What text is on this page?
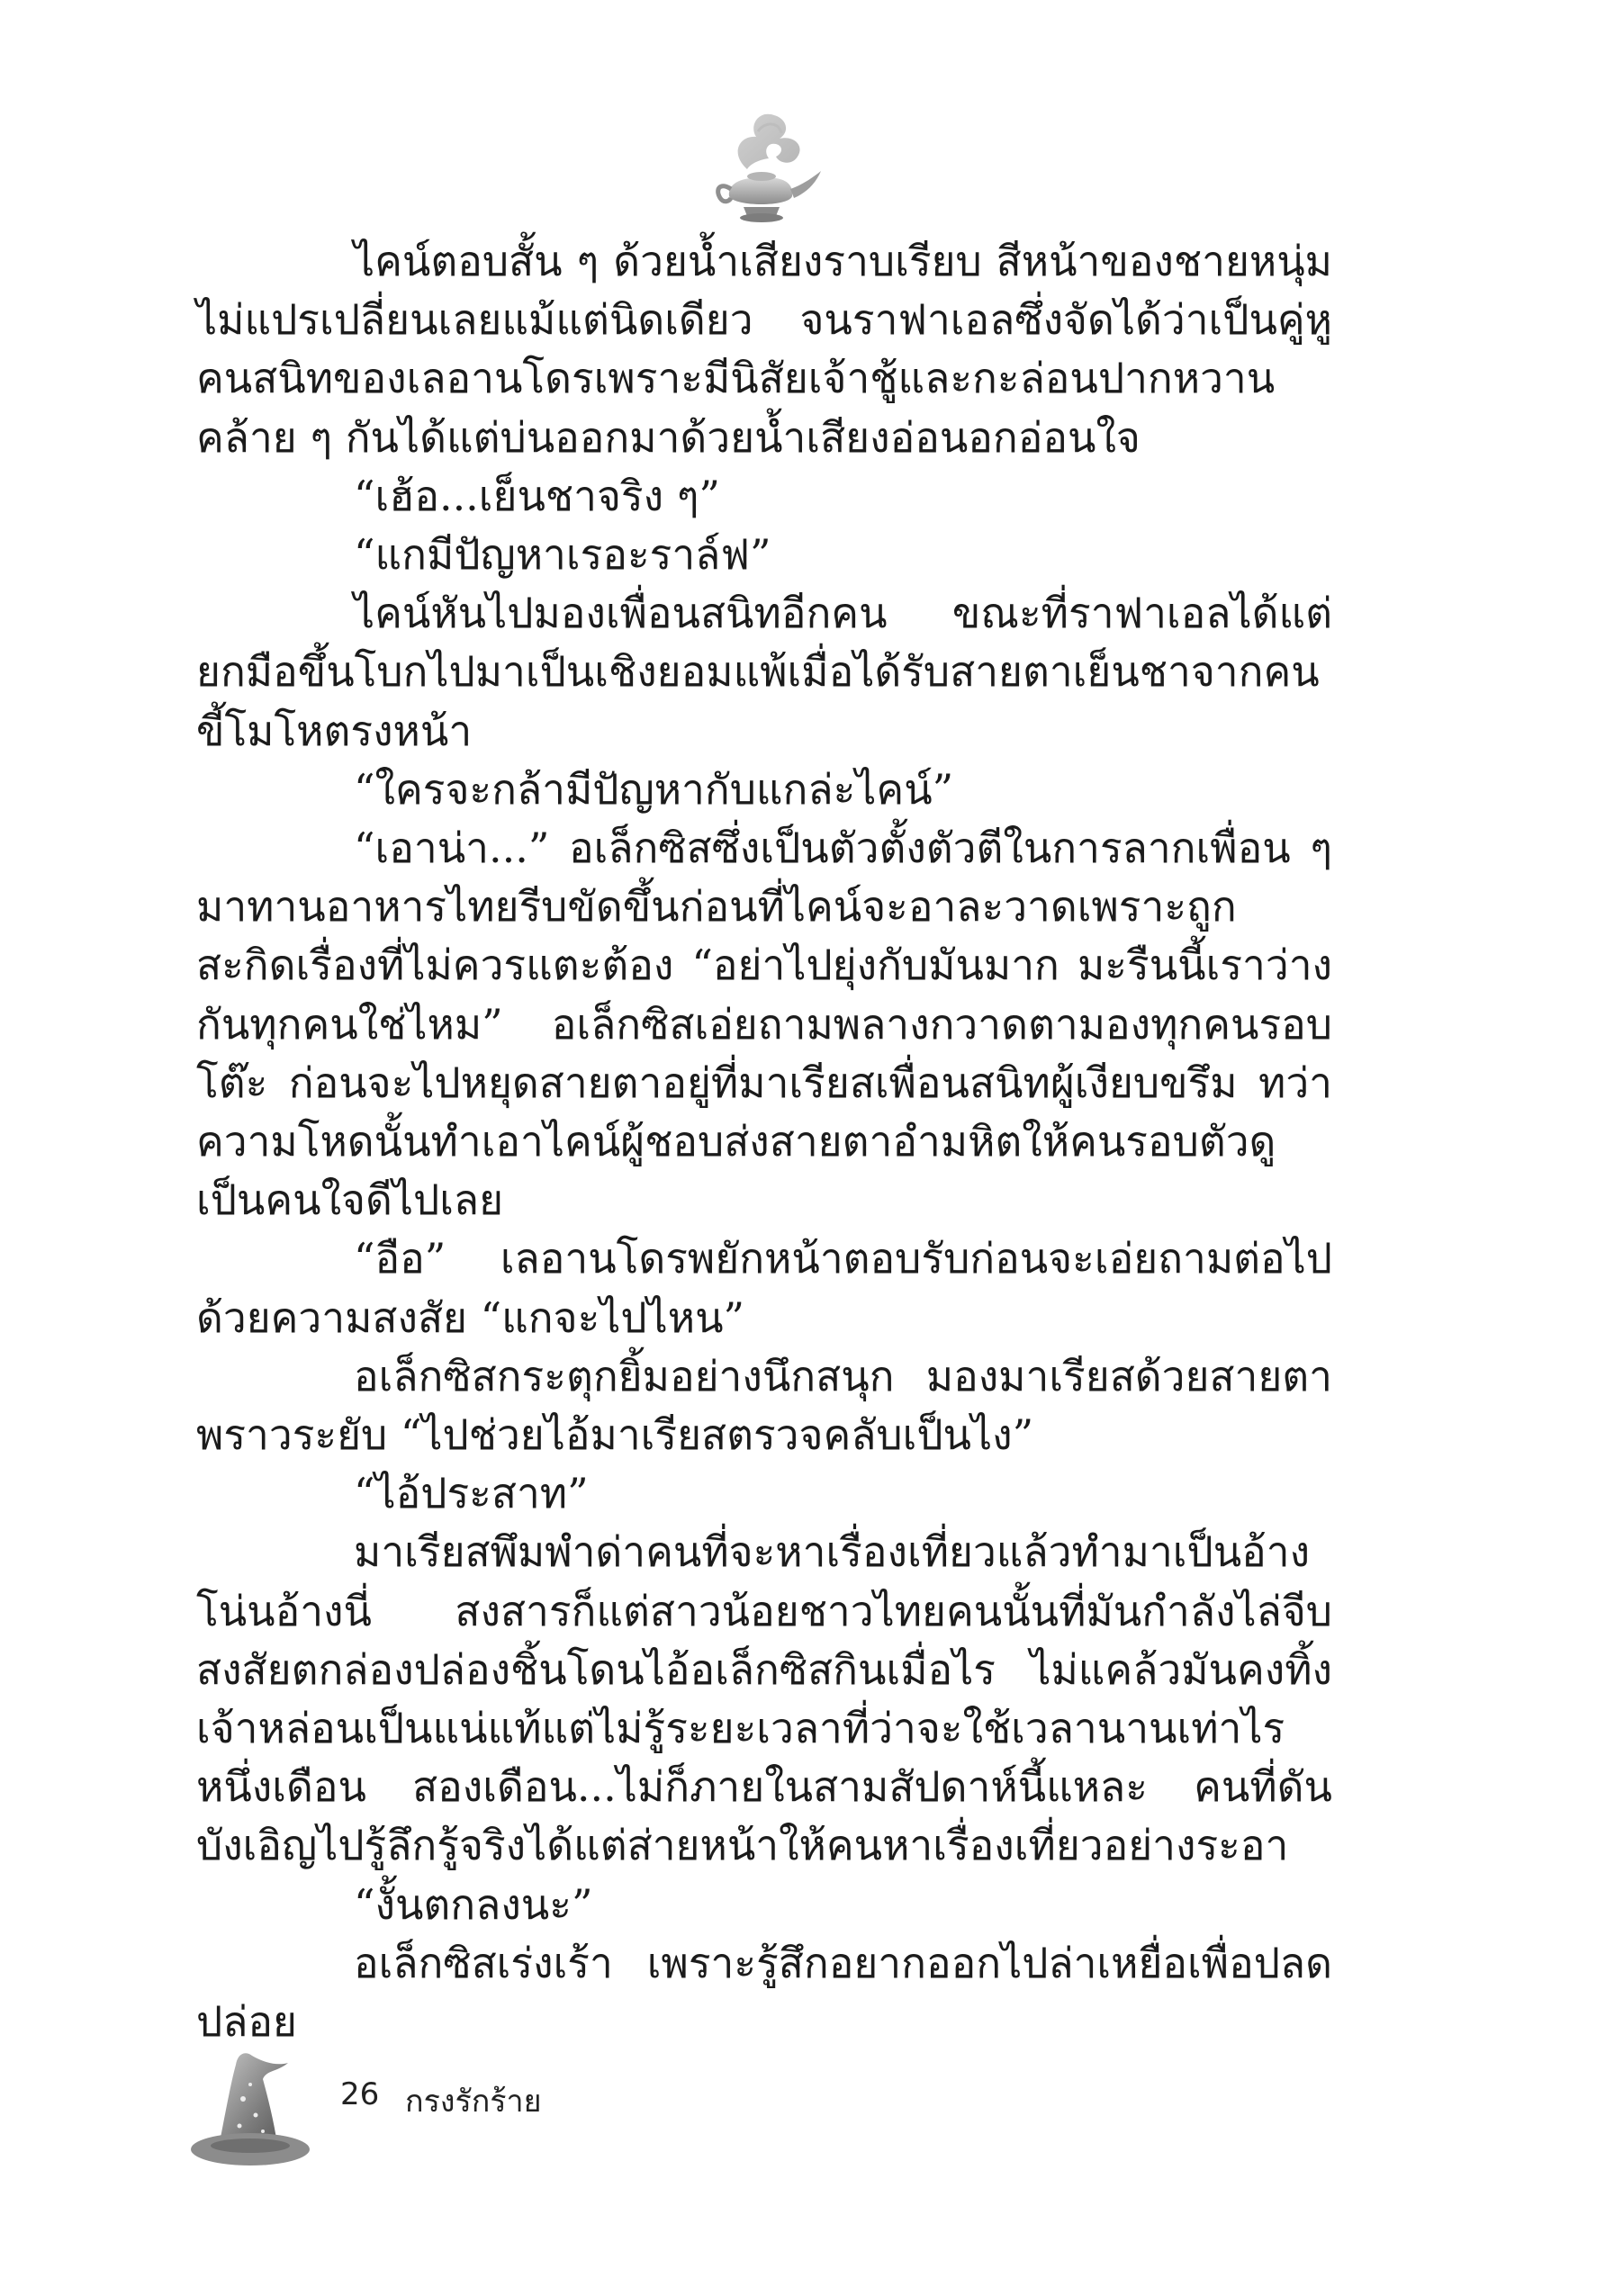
ไคน์ตอบสั้น ๆ ด้วยน้ำเสียงราบเรียบ สีหน้าของชายหนุ่มไม่แปรเปลี่ยนเลยแม้แต่นิดเดียว จนราฟาเอลซึ่งจัดได้ว่าเป็นคู่หูคนสนิทของเลอานโดรเพราะมีนิสัยเจ้าชู้และกะล่อนปากหวานคล้าย ๆ กันได้แต่บ่นออกมาด้วยน้ำเสียงอ่อนอกอ่อนใจ

“เฮ้อ...เย็นชาจริง ๆ”

“แกมีปัญหาเรอะราล์ฟ”

ไคน์หันไปมองเพื่อนสนิทอีกคน ขณะที่ราฟาเอลได้แต่ยกมือขึ้นโบกไปมาเป็นเชิงยอมแพ้เมื่อได้รับสายตาเย็นชาจากคนขี้โมโหตรงหน้า

“ใครจะกล้ามีปัญหากับแกล่ะไคน์”

“เอาน่า...” อเล็กซิสซึ่งเป็นตัวตั้งตัวตีในการลากเพื่อน ๆ มาทานอาหารไทยรีบขัดขึ้นก่อนที่ไคน์จะอาละวาดเพราะถูกสะกิดเรื่องที่ไม่ควรแตะต้อง “อย่าไปยุ่งกับมันมาก มะรืนนี้เราว่างกันทุกคนใช่ไหม” อเล็กซิสเอ่ยถามพลางกวาดตามองทุกคนรอบโต๊ะ ก่อนจะไปหยุดสายตาอยู่ที่มาเรียสเพื่อนสนิทผู้เงียบขรึม ทว่าความโหดนั้นทำเอาไคน์ผู้ชอบส่งสายตาอำมหิตให้คนรอบตัวดูเป็นคนใจดีไปเลย

“อือ” เลอานโดรพยักหน้าตอบรับก่อนจะเอ่ยถามต่อไปด้วยความสงสัย “แกจะไปไหน”

อเล็กซิสกระตุกยิ้มอย่างนึกสนุก มองมาเรียสด้วยสายตาพราวระยับ “ไปช่วยไอ้มาเรียสตรวจคลับเป็นไง”

“ไอ้ประสาท”

มาเรียสพึมพำด่าคนที่จะหาเรื่องเที่ยวแล้วทำมาเป็นอ้างโน่นอ้างนี่ สงสารก็แต่สาวน้อยชาวไทยคนนั้นที่มันกำลังไล่จีบ สงสัยตกล่องปล่องชิ้นโดนไอ้อเล็กซิสกินเมื่อไร ไม่แคล้วมันคงทิ้งเจ้าหล่อนเป็นแน่แท้แต่ไม่รู้ระยะเวลาที่ว่าจะใช้เวลานานเท่าไร หนึ่งเดือน สองเดือน...ไม่ก็ภายในสามสัปดาห์นี้แหละ คนที่ดันบังเอิญไปรู้ลึกรู้จริงได้แต่ส่ายหน้าให้คนหาเรื่องเที่ยวอย่างระอา

“งั้นตกลงนะ”

อเล็กซิสเร่งเร้า เพราะรู้สึกอยากออกไปล่าเหยื่อเพื่อปลดปล่อย

26 กรงรักร้าย
